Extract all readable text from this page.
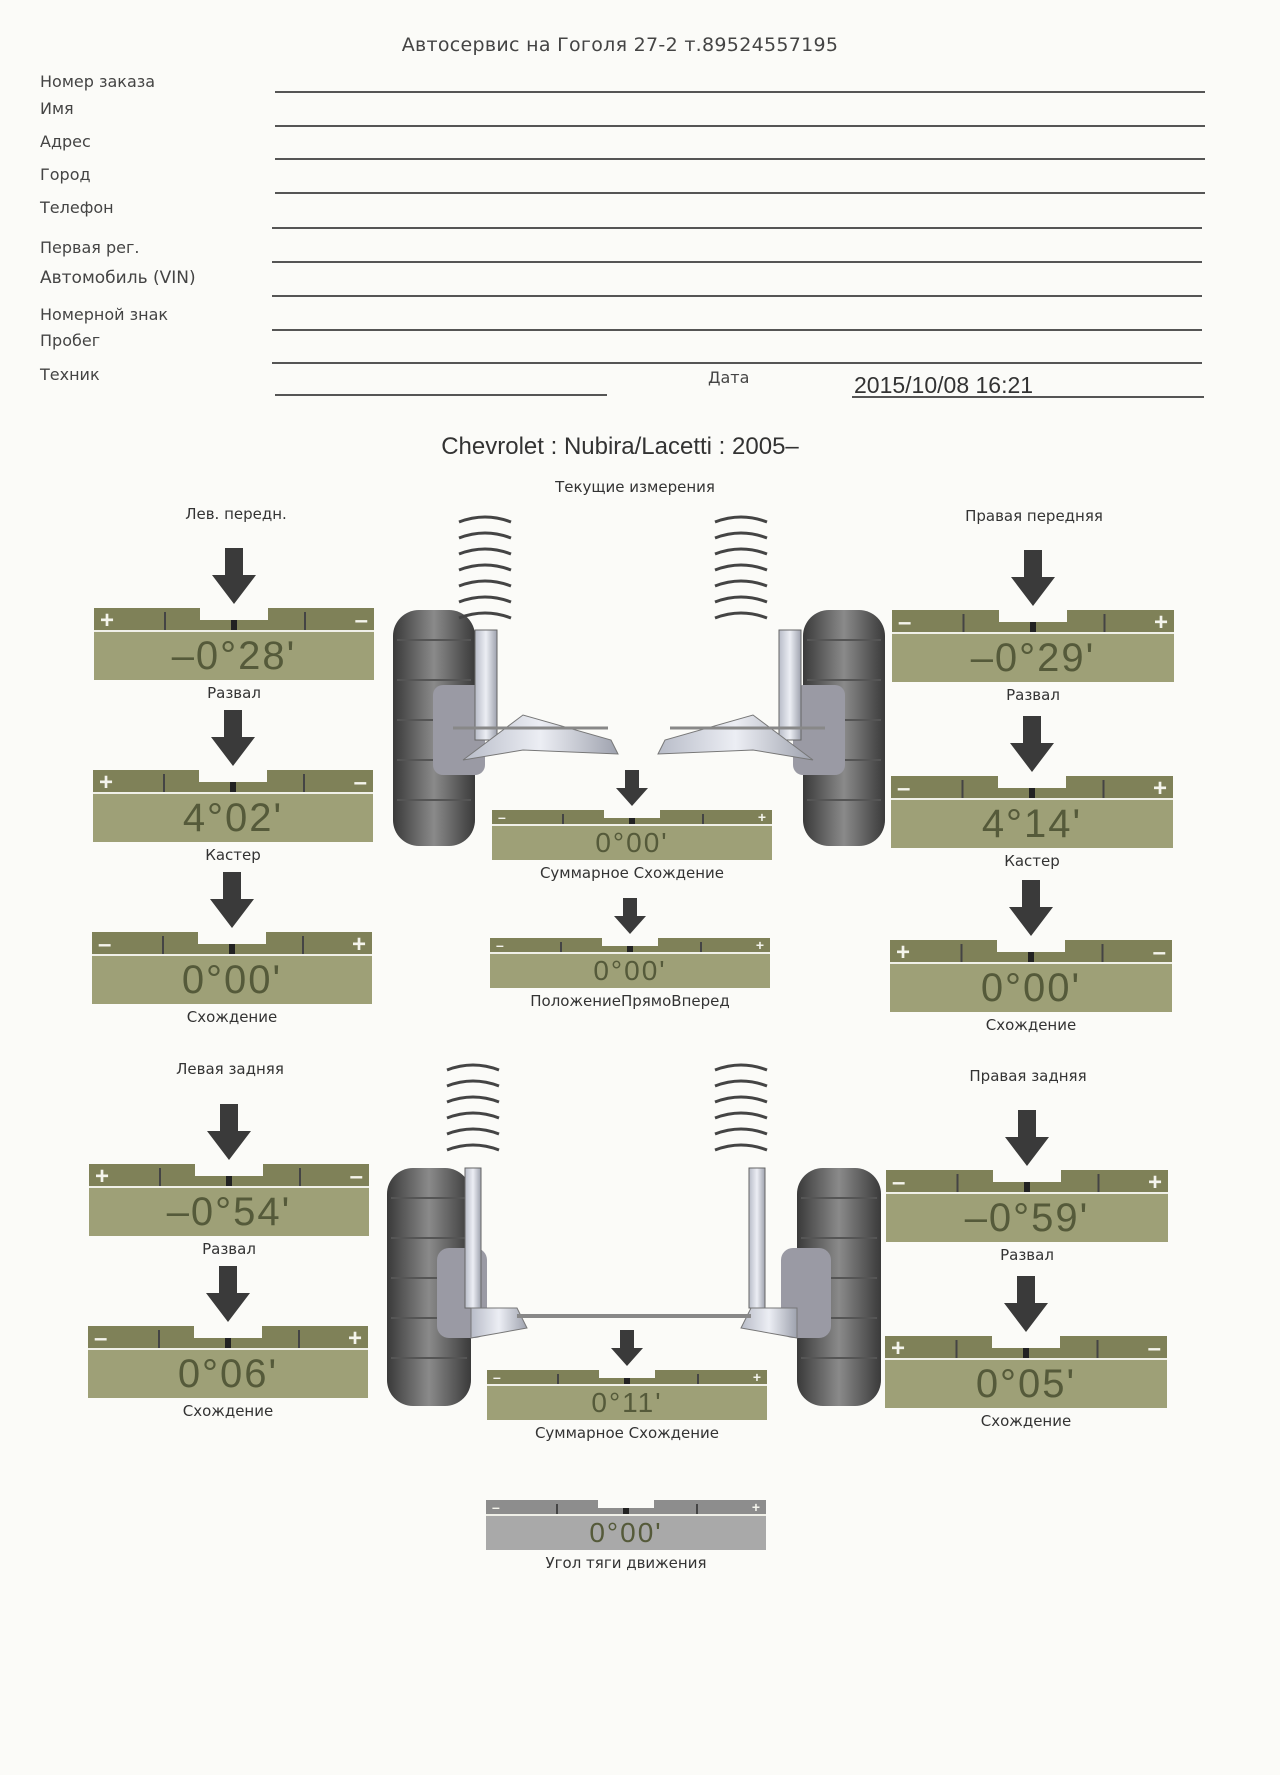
Автосервис на Гоголя 27-2 т.89524557195
Номер заказа
Имя
Адрес
Город
Телефон
Первая рег.
Автомобиль (VIN)
Номерной знак
Пробег
Техник	Дата	2015/10/08 16:21
Chevrolet : Nubira/Lacetti : 2005–
Текущие измерения
Лев. передн.	Правая передняя
Левая задняя	Правая задняя
+	–
–0°28'
Развал
+	–
4°02'
Кастер
–	+
0°00'
Схождение
–	+
–0°29'
Развал
–	+
4°14'
Кастер
+	–
0°00'
Схождение
–	+
0°00'
Суммарное Схождение
–	+
0°00'
ПоложениеПрямоВперед
+	–
–0°54'
Развал
–	+
0°06'
Схождение
–	+
–0°59'
Развал
+	–
0°05'
Схождение
–	+
0°11'
Суммарное Схождение
–	+
0°00'
Угол тяги движения
